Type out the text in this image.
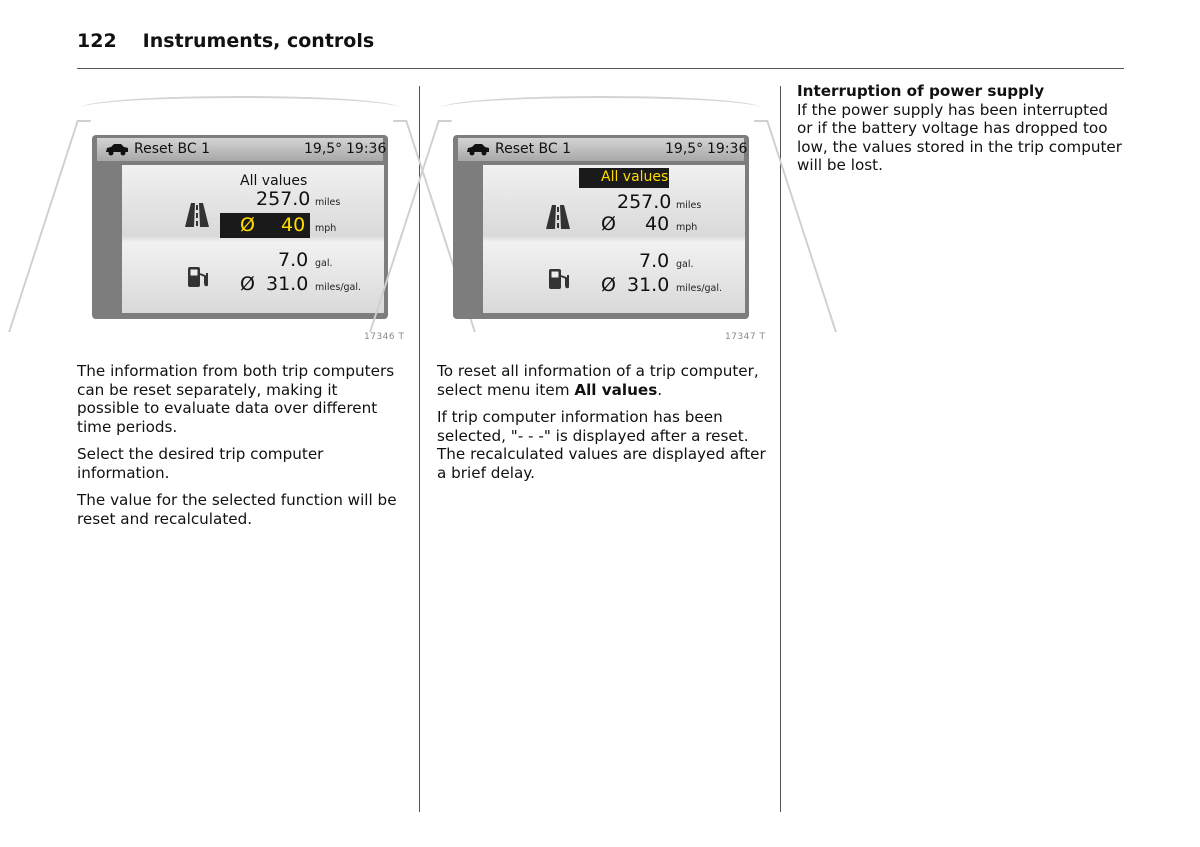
122 Instruments, controls
Reset BC 1	19,5° 19:36
All values
257.0 miles
Ø 40 mph
7.0 gal.
Ø 31.0 miles/gal.
17346 T
Reset BC 1	19,5° 19:36
All values
257.0 miles
Ø 40 mph
7.0 gal.
Ø 31.0 miles/gal.
17347 T

The information from both trip computers can be reset separately, making it possible to evaluate data over different time periods.

Select the desired trip computer information.

The value for the selected function will be reset and recalculated.

To reset all information of a trip computer, select menu item All values.

If trip computer information has been selected, "- - -" is displayed after a reset. The recalculated values are displayed after a brief delay.

Interruption of power supply

If the power supply has been interrupted or if the battery voltage has dropped too low, the values stored in the trip computer will be lost.
